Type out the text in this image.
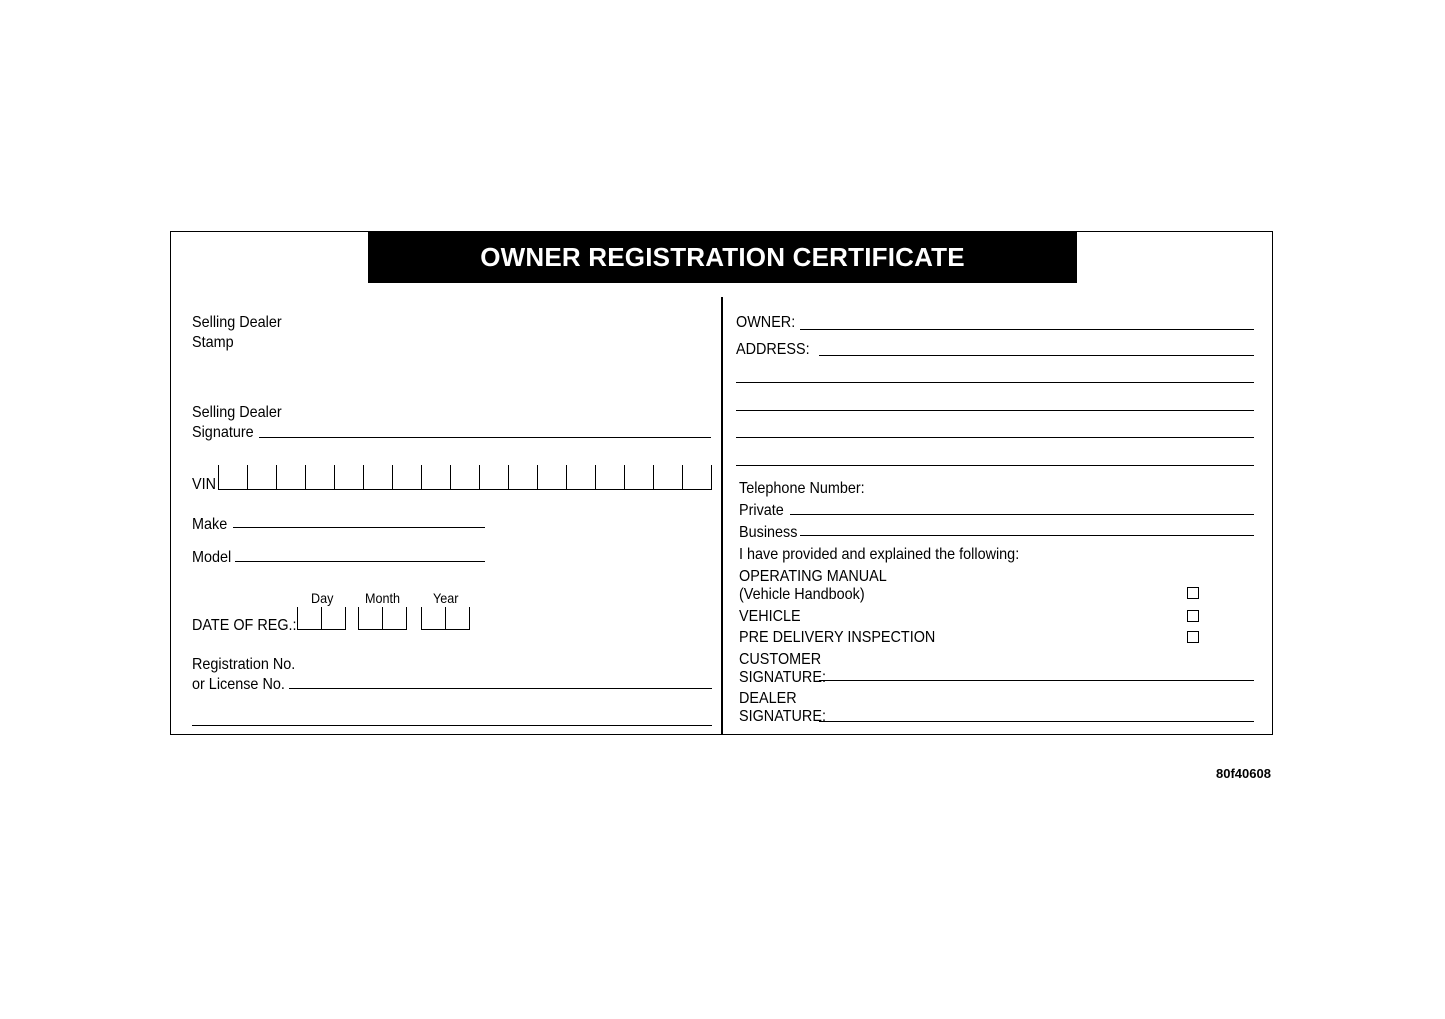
OWNER REGISTRATION CERTIFICATE
Selling Dealer
Stamp
Selling Dealer
Signature
VIN
Make
Model
Day Month Year
DATE OF REG.:
Registration No.
or License No.
OWNER:
ADDRESS:
Telephone Number:
Private
Business
I have provided and explained the following:
OPERATING MANUAL
(Vehicle Handbook)
VEHICLE
PRE DELIVERY INSPECTION
CUSTOMER
SIGNATURE:
DEALER
SIGNATURE:
80f40608
